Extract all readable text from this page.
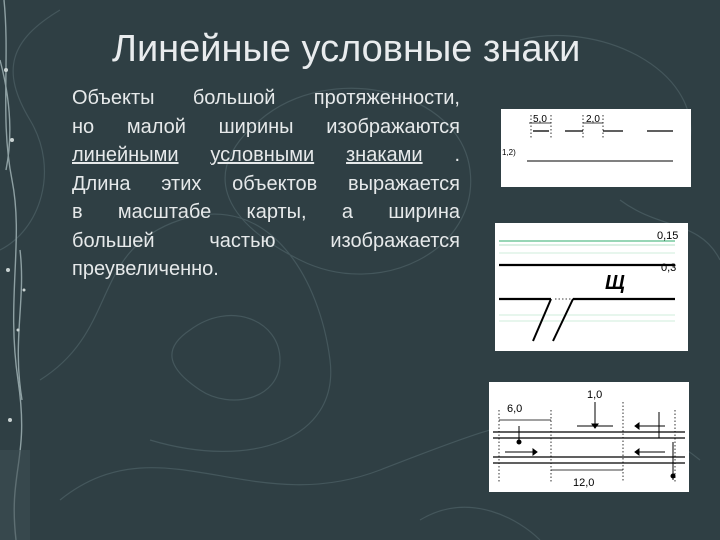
Линейные условные знаки
Объекты большой протяженности,
но малой ширины изображаются
линейными условными знаками .
Длина этих объектов выражается
в масштабе карты, а ширина
большей частью изображается
преувеличенно.
5,0	2,0
1,2)
Щ
0,15
0,3
6,0
1,0
12,0
